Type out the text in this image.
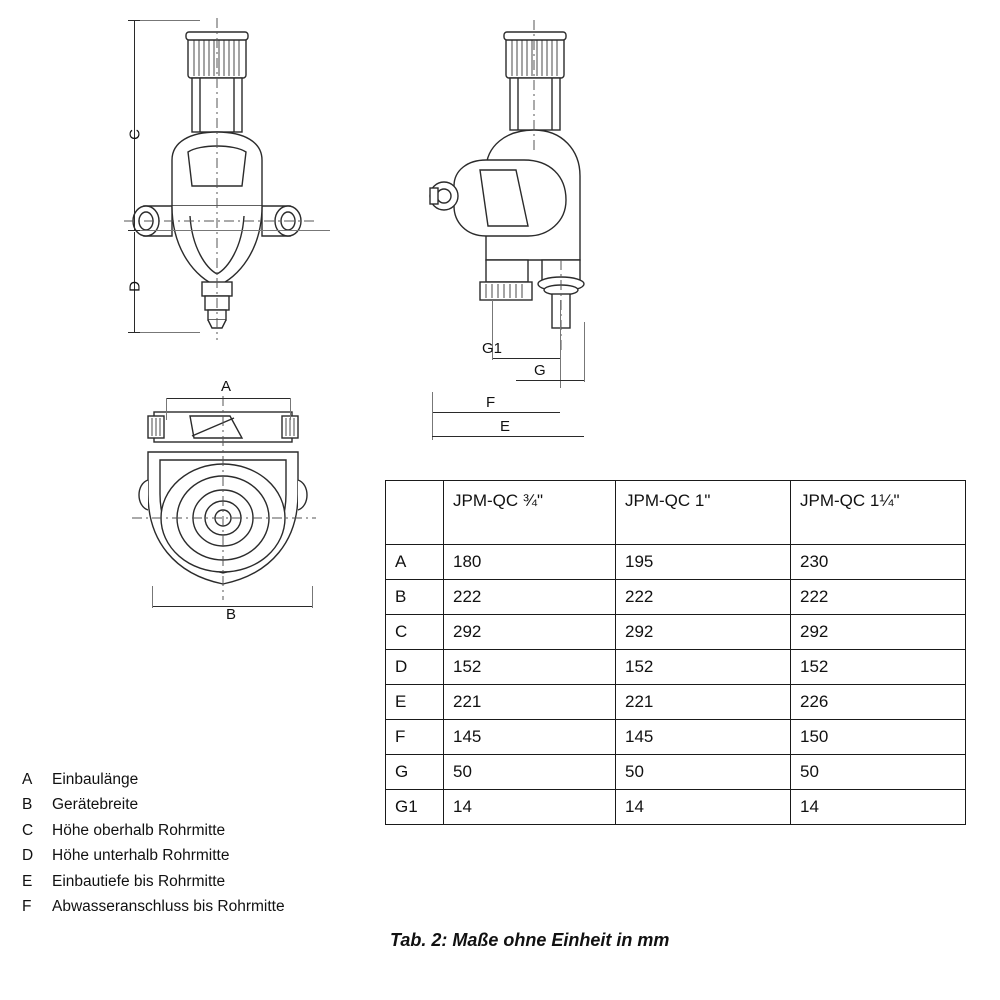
C
D
G1
G
F
E
A
B
	JPM-QC ¾"	JPM-QC 1"	JPM-QC 1¼"
A	180	195	230
B	222	222	222
C	292	292	292
D	152	152	152
E	221	221	226
F	145	145	150
G	50	50	50
G1	14	14	14
Tab. 2: Maße ohne Einheit in mm
A	Einbaulänge
B	Gerätebreite
C	Höhe oberhalb Rohrmitte
D	Höhe unterhalb Rohrmitte
E	Einbautiefe bis Rohrmitte
F	Abwasseranschluss bis Rohrmitte
